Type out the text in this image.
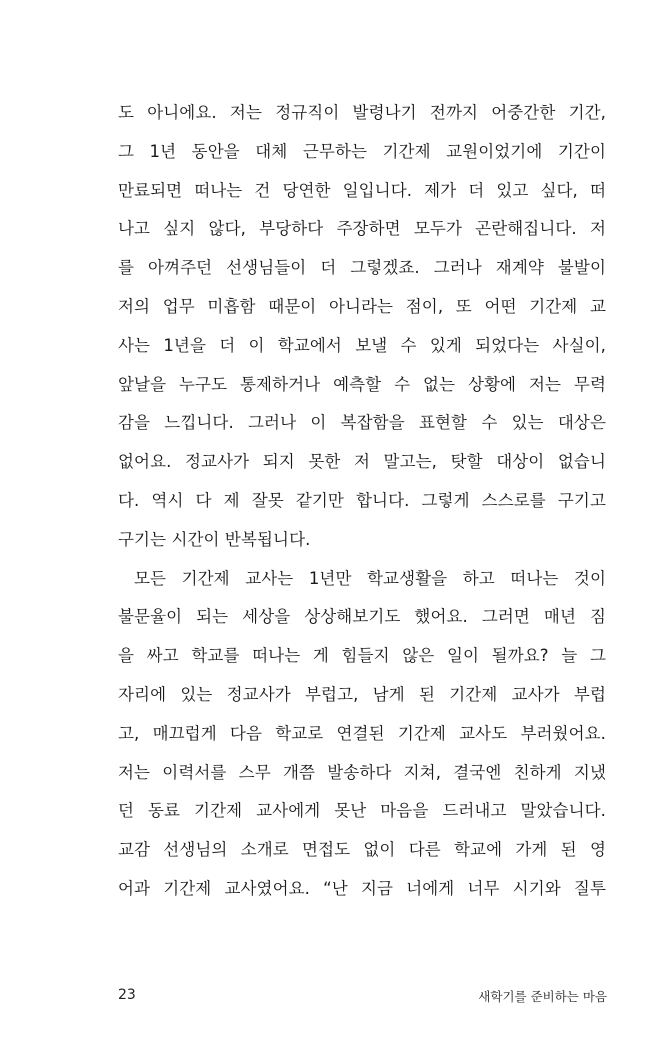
도 아니에요. 저는 정규직이 발령나기 전까지 어중간한 기간,
그 1년 동안을 대체 근무하는 기간제 교원이었기에 기간이
만료되면 떠나는 건 당연한 일입니다. 제가 더 있고 싶다, 떠
나고 싶지 않다, 부당하다 주장하면 모두가 곤란해집니다. 저
를 아껴주던 선생님들이 더 그렇겠죠. 그러나 재계약 불발이
저의 업무 미흡함 때문이 아니라는 점이, 또 어떤 기간제 교
사는 1년을 더 이 학교에서 보낼 수 있게 되었다는 사실이,
앞날을 누구도 통제하거나 예측할 수 없는 상황에 저는 무력
감을 느낍니다. 그러나 이 복잡함을 표현할 수 있는 대상은
없어요. 정교사가 되지 못한 저 말고는, 탓할 대상이 없습니
다. 역시 다 제 잘못 같기만 합니다. 그렇게 스스로를 구기고
구기는 시간이 반복됩니다.
모든 기간제 교사는 1년만 학교생활을 하고 떠나는 것이
불문율이 되는 세상을 상상해보기도 했어요. 그러면 매년 짐
을 싸고 학교를 떠나는 게 힘들지 않은 일이 될까요? 늘 그
자리에 있는 정교사가 부럽고, 남게 된 기간제 교사가 부럽
고, 매끄럽게 다음 학교로 연결된 기간제 교사도 부러웠어요.
저는 이력서를 스무 개쯤 발송하다 지쳐, 결국엔 친하게 지냈
던 동료 기간제 교사에게 못난 마음을 드러내고 말았습니다.
교감 선생님의 소개로 면접도 없이 다른 학교에 가게 된 영
어과 기간제 교사였어요. “난 지금 너에게 너무 시기와 질투
23	새학기를 준비하는 마음
